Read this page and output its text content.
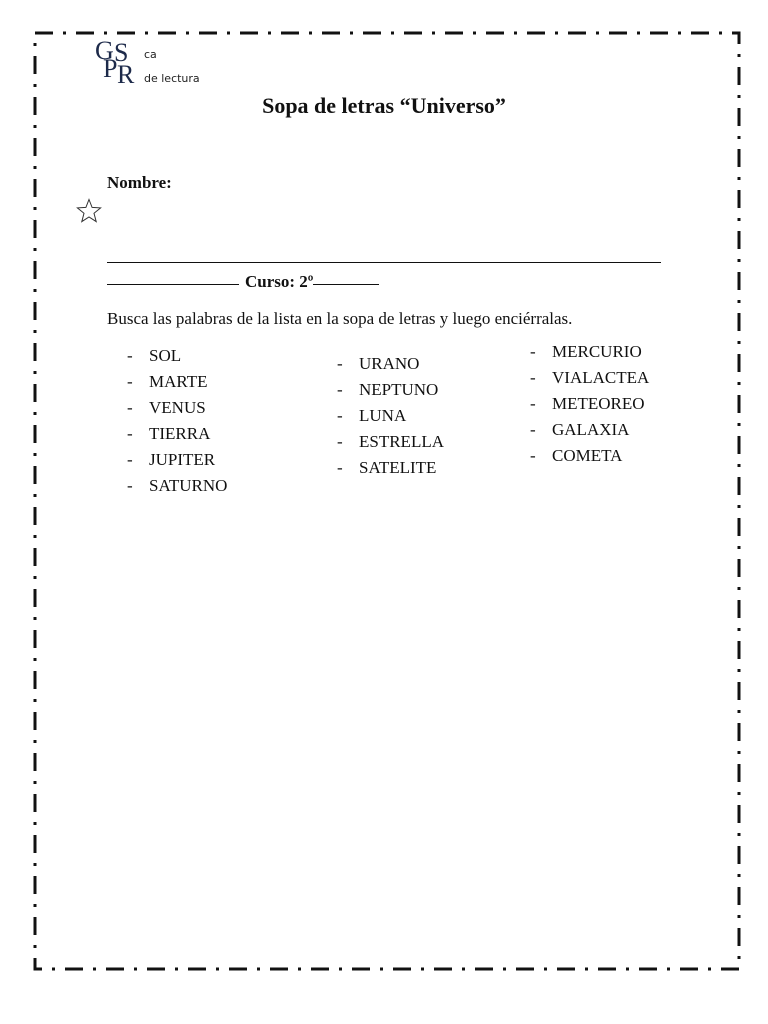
G
P
S
R
ca
de lectura
Sopa de letras “Universo”
Nombre:
Curso: 2º
Busca las palabras de la lista en la sopa de letras y luego enciérralas.
- SOL
- MARTE
- VENUS
- TIERRA
- JUPITER
- SATURNO
- URANO
- NEPTUNO
- LUNA
- ESTRELLA
- SATELITE
- MERCURIO
- VIALACTEA
- METEOREO
- GALAXIA
- COMETA
